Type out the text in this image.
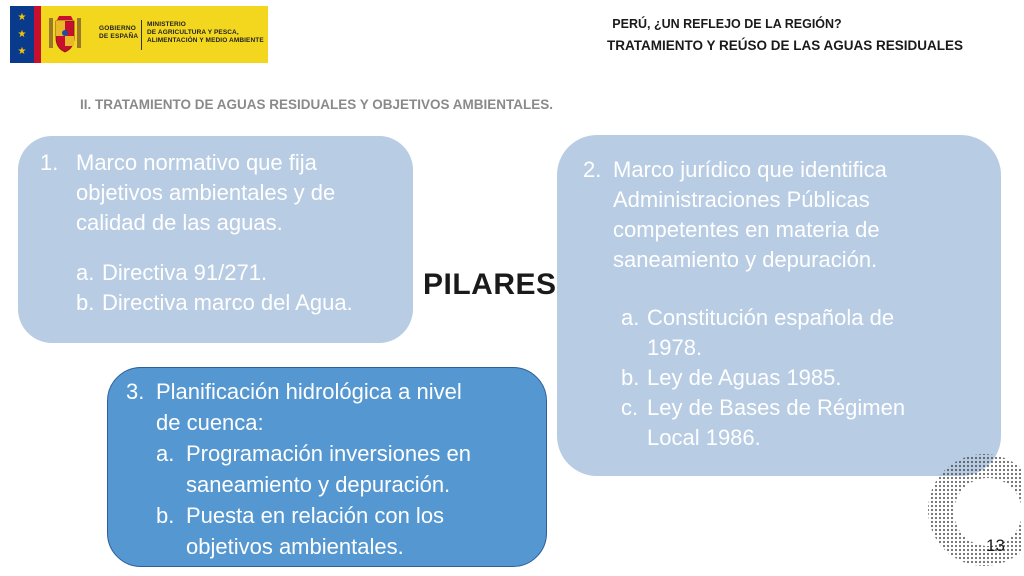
★
★
★
GOBIERNO
DE ESPAÑA
MINISTERIO
DE AGRICULTURA Y PESCA,
ALIMENTACIÓN Y MEDIO AMBIENTE
PERÚ, ¿UN REFLEJO DE LA REGIÓN?
TRATAMIENTO Y REÚSO DE LAS AGUAS RESIDUALES
II. TRATAMIENTO DE AGUAS RESIDUALES Y OBJETIVOS AMBIENTALES.
1. Marco normativo que fija
objetivos ambientales y de
calidad de las aguas.
a. Directiva 91/271.
b. Directiva marco del Agua.
2. Marco jurídico que identifica
Administraciones Públicas
competentes en materia de
saneamiento y depuración.
a. Constitución española de
1978.
b. Ley de Aguas 1985.
c. Ley de Bases de Régimen
Local 1986.
PILARES
3. Planificación hidrológica a nivel
de cuenca:
a. Programación inversiones en
saneamiento y depuración.
b. Puesta en relación con los
objetivos ambientales.	13
